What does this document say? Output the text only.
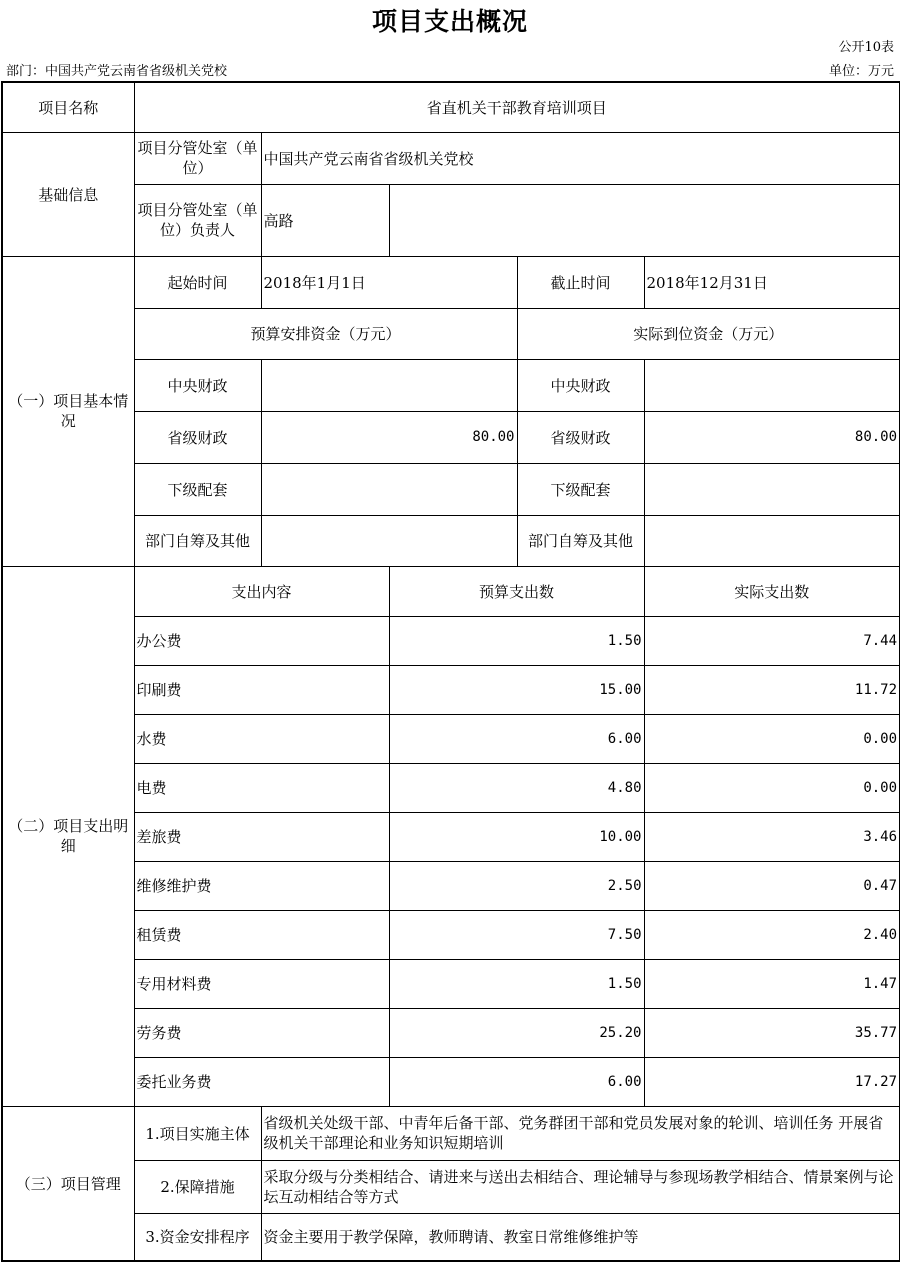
项目支出概况
公开10表
部门：中国共产党云南省省级机关党校	单位：万元
项目名称	省直机关干部教育培训项目				
基础信息	项目分管处室（单位）	中国共产党云南省省级机关党校			
	项目分管处室（单位）负责人	高路			
（一）项目基本情况	起始时间	2018年1月1日		截止时间	2018年12月31日
	预算安排资金（万元）			实际到位资金（万元）	
	中央财政			中央财政	
	省级财政	80.00		省级财政	80.00
	下级配套			下级配套	
	部门自筹及其他			部门自筹及其他	
（二）项目支出明细	支出内容		预算支出数		实际支出数
	办公费		1.50		7.44
	印刷费		15.00		11.72
	水费		6.00		0.00
	电费		4.80		0.00
	差旅费		10.00		3.46
	维修维护费		2.50		0.47
	租赁费		7.50		2.40
	专用材料费		1.50		1.47
	劳务费		25.20		35.77
	委托业务费		6.00		17.27
（三）项目管理	1.项目实施主体	省级机关处级干部、中青年后备干部、党务群团干部和党员发展对象的轮训、培训任务 开展省级机关干部理论和业务知识短期培训			
	2.保障措施	采取分级与分类相结合、请进来与送出去相结合、理论辅导与参现场教学相结合、情景案例与论坛互动相结合等方式			
	3.资金安排程序	资金主要用于教学保障，教师聘请、教室日常维修维护等			
